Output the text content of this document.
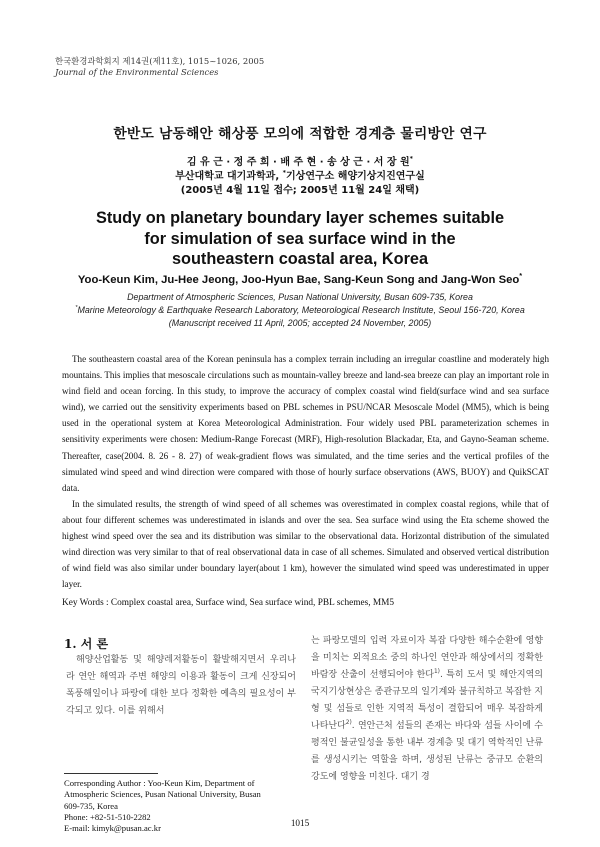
한국환경과학회지 제14권(제11호), 1015~1026, 2005
Journal of the Environmental Sciences
한반도 남동해안 해상풍 모의에 적합한 경계층 물리방안 연구
김 유 근 · 정 주 희 · 배 주 현 · 송 상 근 · 서 장 원*
부산대학교 대기과학과, *기상연구소 해양기상지진연구실
(2005년 4월 11일 접수; 2005년 11월 24일 채택)
Study on planetary boundary layer schemes suitable
for simulation of sea surface wind in the
southeastern coastal area, Korea
Yoo-Keun Kim, Ju-Hee Jeong, Joo-Hyun Bae, Sang-Keun Song and Jang-Won Seo*
Department of Atmospheric Sciences, Pusan National University, Busan 609-735, Korea
*Marine Meteorology & Earthquake Research Laboratory, Meteorological Research Institute, Seoul 156-720, Korea
(Manuscript received 11 April, 2005; accepted 24 November, 2005)

The southeastern coastal area of the Korean peninsula has a complex terrain including an irregular coastline and moderately high mountains. This implies that mesoscale circulations such as mountain-valley breeze and land-sea breeze can play an important role in wind field and ocean forcing. In this study, to improve the accuracy of complex coastal wind field(surface wind and sea surface wind), we carried out the sensitivity experiments based on PBL schemes in PSU/NCAR Mesoscale Model (MM5), which is being used in the operational system at Korea Meteorological Administration. Four widely used PBL parameterization schemes in sensitivity experiments were chosen: Medium-Range Forecast (MRF), High-resolution Blackadar, Eta, and Gayno-Seaman scheme. Thereafter, case(2004. 8. 26 - 8. 27) of weak-gradient flows was simulated, and the time series and the vertical profiles of the simulated wind speed and wind direction were compared with those of hourly surface observations (AWS, BUOY) and QuikSCAT data.

In the simulated results, the strength of wind speed of all schemes was overestimated in complex coastal regions, while that of about four different schemes was underestimated in islands and over the sea. Sea surface wind using the Eta scheme showed the highest wind speed over the sea and its distribution was similar to the observational data. Horizontal distribution of the simulated wind direction was very similar to that of real observational data in case of all schemes. Simulated and observed vertical distribution of wind field was also similar under boundary layer(about 1 km), however the simulated wind speed was underestimated in upper layer.

Key Words : Complex coastal area, Surface wind, Sea surface wind, PBL schemes, MM5
1. 서 론

해양산업활동 및 해양레저활동이 활발해지면서 우리나라 연안 해역과 주변 해양의 이용과 활동이 크게 신장되어 폭풍해일이나 파랑에 대한 보다 정확한 예측의 필요성이 부각되고 있다. 이를 위해서

는 파랑모델의 입력 자료이자 복잡 다양한 해수순환에 영향을 미치는 외적요소 중의 하나인 연안과 해상에서의 정확한 바람장 산출이 선행되어야 한다$^{1)}$. 특히 도서 및 해안지역의 국지기상현상은 종관규모의 일기계와 불규칙하고 복잡한 지형 및 섬들로 인한 지역적 특성이 결합되어 매우 복잡하게 나타난다$^{2)}$. 연안근처 섬들의 존재는 바다와 섬들 사이에 수평적인 불균일성을 통한 내부 경계층 및 대기 역학적인 난류를 생성시키는 역할을 하며, 생성된 난류는 중규모 순환의 강도에 영향을 미친다. 대기 경

Corresponding Author : Yoo-Keun Kim, Department of
Atmospheric Sciences, Pusan National University, Busan
609-735, Korea
Phone: +82-51-510-2282
E-mail: kimyk@pusan.ac.kr
1015
